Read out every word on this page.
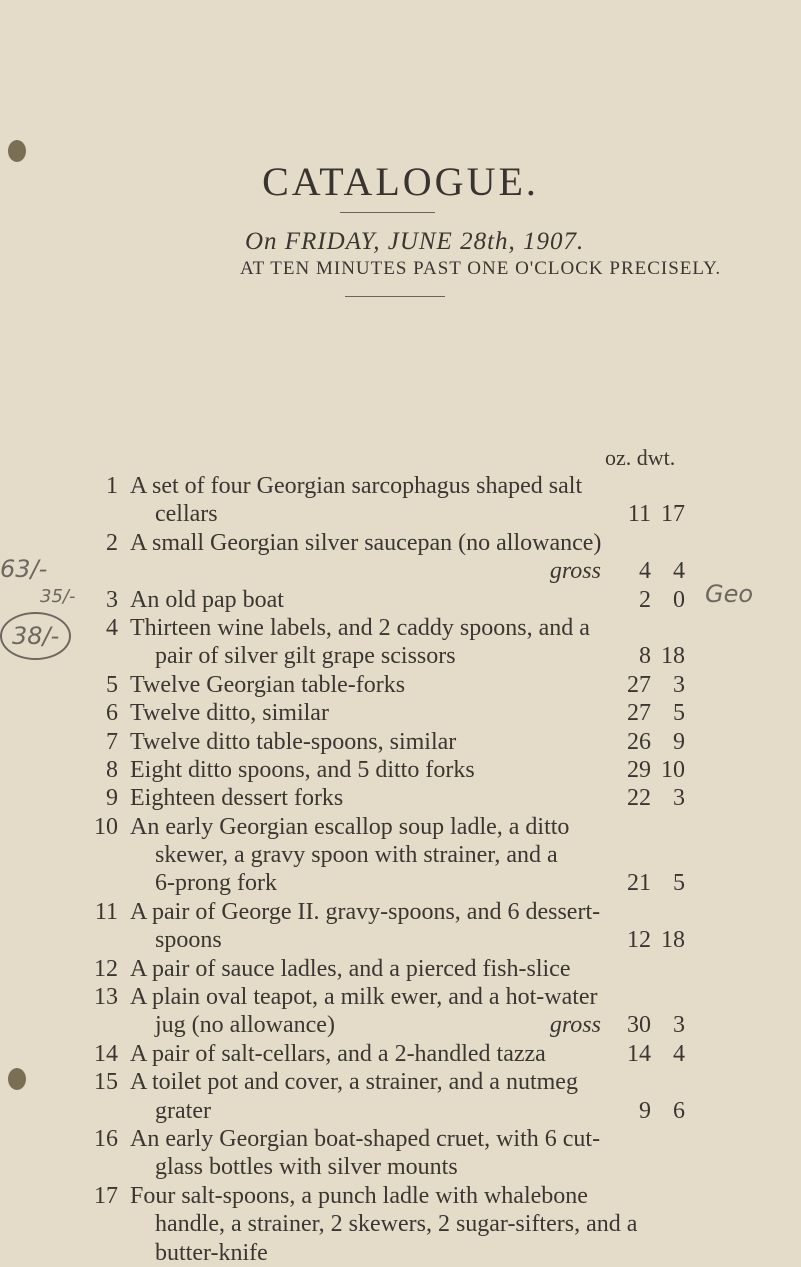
CATALOGUE.
On FRIDAY, JUNE 28th, 1907.
AT TEN MINUTES PAST ONE O'CLOCK PRECISELY.
oz. dwt.
63/-
35/-
38/-
Geo
1 A set of four Georgian sarcophagus shaped salt
cellars	11 17
2 A small Georgian silver saucepan (no allowance)
gross 4 4
3 An old pap boat	2 0
4 Thirteen wine labels, and 2 caddy spoons, and a
pair of silver gilt grape scissors	8 18
5 Twelve Georgian table-forks	27 3
6 Twelve ditto, similar	27 5
7 Twelve ditto table-spoons, similar	26 9
8 Eight ditto spoons, and 5 ditto forks	29 10
9 Eighteen dessert forks	22 3
10 An early Georgian escallop soup ladle, a ditto
skewer, a gravy spoon with strainer, and a
6-prong fork	21 5
11 A pair of George II. gravy-spoons, and 6 dessert-
spoons	12 18
12 A pair of sauce ladles, and a pierced fish-slice
13 A plain oval teapot, a milk ewer, and a hot-water
jug (no allowance)	gross 30 3
14 A pair of salt-cellars, and a 2-handled tazza	14 4
15 A toilet pot and cover, a strainer, and a nutmeg
grater	9 6
16 An early Georgian boat-shaped cruet, with 6 cut-
glass bottles with silver mounts
17 Four salt-spoons, a punch ladle with whalebone
handle, a strainer, 2 skewers, 2 sugar-sifters, and a
butter-knife
